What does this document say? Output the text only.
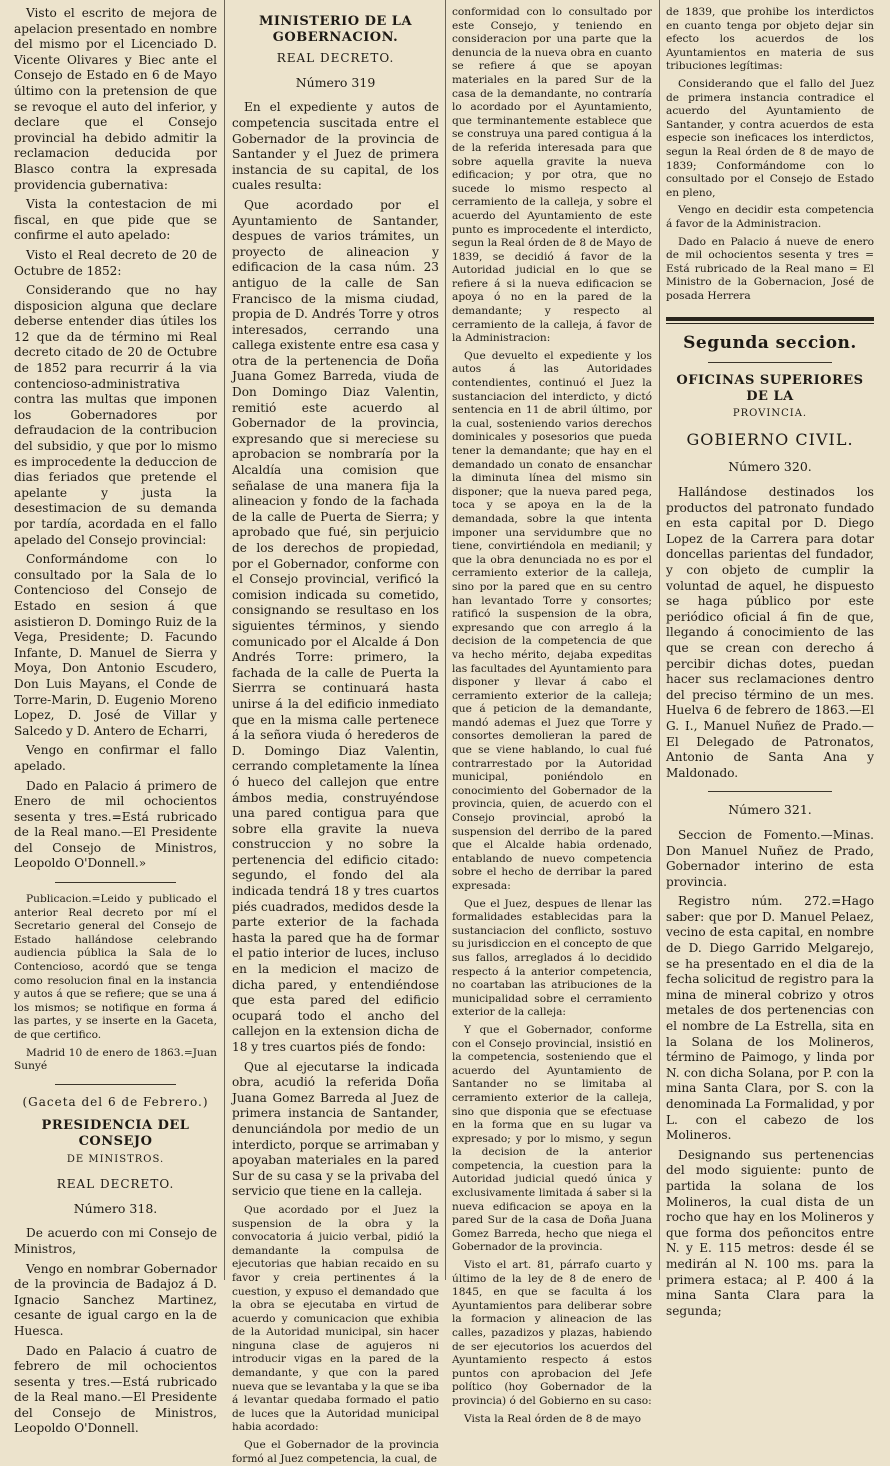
Visto el escrito de mejora de apelacion presentado en nombre del mismo por el Licenciado D. Vicente Olivares y Biec ante el Consejo de Estado en 6 de Mayo último con la pretension de que se revoque el auto del inferior, y declare que el Consejo provincial ha debido admitir la reclamacion deducida por Blasco contra la expresada providencia gubernativa:

Vista la contestacion de mi fiscal, en que pide que se confirme el auto apelado:

Visto el Real decreto de 20 de Octubre de 1852:

Considerando que no hay disposicion alguna que declare deberse entender dias útiles los 12 que da de término mi Real decreto citado de 20 de Octubre de 1852 para recurrir á la via contencioso-administrativa contra las multas que imponen los Gobernadores por defraudacion de la contribucion del subsidio, y que por lo mismo es improcedente la deduccion de dias feriados que pretende el apelante y justa la desestimacion de su demanda por tardía, acordada en el fallo apelado del Consejo provincial:

Conformándome con lo consultado por la Sala de lo Contencioso del Consejo de Estado en sesion á que asistieron D. Domingo Ruiz de la Vega, Presidente; D. Facundo Infante, D. Manuel de Sierra y Moya, Don Antonio Escudero, Don Luis Mayans, el Conde de Torre-Marin, D. Eugenio Moreno Lopez, D. José de Villar y Salcedo y D. Antero de Echarri,

Vengo en confirmar el fallo apelado.

Dado en Palacio á primero de Enero de mil ochocientos sesenta y tres.=Está rubricado de la Real mano.—El Presidente del Consejo de Ministros, Leopoldo O'Donnell.»

Publicacion.=Leido y publicado el anterior Real decreto por mí el Secretario general del Consejo de Estado hallándose celebrando audiencia pública la Sala de lo Contencioso, acordó que se tenga como resolucion final en la instancia y autos á que se refiere; que se una á los mismos; se notifique en forma á las partes, y se inserte en la Gaceta, de que certifico.

Madrid 10 de enero de 1863.=Juan Sunyé

(Gaceta del 6 de Febrero.)

PRESIDENCIA DEL CONSEJO

DE MINISTROS.

REAL DECRETO.

Número 318.

De acuerdo con mi Consejo de Ministros,

Vengo en nombrar Gobernador de la provincia de Badajoz á D. Ignacio Sanchez Martinez, cesante de igual cargo en la de Huesca.

Dado en Palacio á cuatro de febrero de mil ochocientos sesenta y tres.—Está rubricado de la Real mano.—El Presidente del Consejo de Ministros, Leopoldo O'Donnell.

MINISTERIO DE LA GOBERNACION.

REAL DECRETO.

Número 319

En el expediente y autos de competencia suscitada entre el Gobernador de la provincia de Santander y el Juez de primera instancia de su capital, de los cuales resulta:

Que acordado por el Ayuntamiento de Santander, despues de varios trámites, un proyecto de alineacion y edificacion de la casa núm. 23 antiguo de la calle de San Francisco de la misma ciudad, propia de D. Andrés Torre y otros interesados, cerrando una callega existente entre esa casa y otra de la pertenencia de Doña Juana Gomez Barreda, viuda de Don Domingo Diaz Valentin, remitió este acuerdo al Gobernador de la provincia, expresando que si mereciese su aprobacion se nombraría por la Alcaldía una comision que señalase de una manera fija la alineacion y fondo de la fachada de la calle de Puerta de Sierra; y aprobado que fué, sin perjuicio de los derechos de propiedad, por el Gobernador, conforme con el Consejo provincial, verificó la comision indicada su cometido, consignando se resultaso en los siguientes términos, y siendo comunicado por el Alcalde á Don Andrés Torre: primero, la fachada de la calle de Puerta la Sierrra se continuará hasta unirse á la del edificio inmediato que en la misma calle pertenece á la señora viuda ó herederos de D. Domingo Diaz Valentin, cerrando completamente la línea ó hueco del callejon que entre ámbos media, construyéndose una pared contigua para que sobre ella gravite la nueva construccion y no sobre la pertenencia del edificio citado: segundo, el fondo del ala indicada tendrá 18 y tres cuartos piés cuadrados, medidos desde la parte exterior de la fachada hasta la pared que ha de formar el patio interior de luces, incluso en la medicion el macizo de dicha pared, y entendiéndose que esta pared del edificio ocupará todo el ancho del callejon en la extension dicha de 18 y tres cuartos piés de fondo:

Que al ejecutarse la indicada obra, acudió la referida Doña Juana Gomez Barreda al Juez de primera instancia de Santander, denunciándola por medio de un interdicto, porque se arrimaban y apoyaban materiales en la pared Sur de su casa y se la privaba del servicio que tiene en la calleja.

Que acordado por el Juez la suspension de la obra y la convocatoria á juicio verbal, pidió la demandante la compulsa de ejecutorias que habian recaido en su favor y creia pertinentes á la cuestion, y expuso el demandado que la obra se ejecutaba en virtud de acuerdo y comunicacion que exhibia de la Autoridad municipal, sin hacer ninguna clase de agujeros ni introducir vigas en la pared de la demandante, y que con la pared nueva que se levantaba y la que se iba á levantar quedaba formado el patio de luces que la Autoridad municipal habia acordado:

Que el Gobernador de la provincia formó al Juez competencia, la cual, de

conformidad con lo consultado por este Consejo, y teniendo en consideracion por una parte que la denuncia de la nueva obra en cuanto se refiere á que se apoyan materiales en la pared Sur de la casa de la demandante, no contraría lo acordado por el Ayuntamiento, que terminantemente establece que se construya una pared contigua á la de la referida interesada para que sobre aquella gravite la nueva edificacion; y por otra, que no sucede lo mismo respecto al cerramiento de la calleja, y sobre el acuerdo del Ayuntamiento de este punto es improcedente el interdicto, segun la Real órden de 8 de Mayo de 1839, se decidió á favor de la Autoridad judicial en lo que se refiere á si la nueva edificacion se apoya ó no en la pared de la demandante; y respecto al cerramiento de la calleja, á favor de la Administracion:

Que devuelto el expediente y los autos á las Autoridades contendientes, continuó el Juez la sustanciacion del interdicto, y dictó sentencia en 11 de abril último, por la cual, sosteniendo varios derechos dominicales y posesorios que pueda tener la demandante; que hay en el demandado un conato de ensanchar la diminuta línea del mismo sin disponer; que la nueva pared pega, toca y se apoya en la de la demandada, sobre la que intenta imponer una servidumbre que no tiene, convirtiéndola en medianil; y que la obra denunciada no es por el cerramiento exterior de la calleja, sino por la pared que en su centro han levantado Torre y consortes; ratificó la suspension de la obra, expresando que con arreglo á la decision de la competencia de que va hecho mérito, dejaba expeditas las facultades del Ayuntamiento para disponer y llevar á cabo el cerramiento exterior de la calleja; que á peticion de la demandante, mandó ademas el Juez que Torre y consortes demolieran la pared de que se viene hablando, lo cual fué contrarrestado por la Autoridad municipal, poniéndolo en conocimiento del Gobernador de la provincia, quien, de acuerdo con el Consejo provincial, aprobó la suspension del derribo de la pared que el Alcalde habia ordenado, entablando de nuevo competencia sobre el hecho de derribar la pared expresada:

Que el Juez, despues de llenar las formalidades establecidas para la sustanciacion del conflicto, sostuvo su jurisdiccion en el concepto de que sus fallos, arreglados á lo decidido respecto á la anterior competencia, no coartaban las atribuciones de la municipalidad sobre el cerramiento exterior de la calleja:

Y que el Gobernador, conforme con el Consejo provincial, insistió en la competencia, sosteniendo que el acuerdo del Ayuntamiento de Santander no se limitaba al cerramiento exterior de la calleja, sino que disponia que se efectuase en la forma que en su lugar va expresado; y por lo mismo, y segun la decision de la anterior competencia, la cuestion para la Autoridad judicial quedó única y exclusivamente limitada á saber si la nueva edificacion se apoya en la pared Sur de la casa de Doña Juana Gomez Barreda, hecho que niega el Gobernador de la provincia.

Visto el art. 81, párrafo cuarto y último de la ley de 8 de enero de 1845, en que se faculta á los Ayuntamientos para deliberar sobre la formacion y alineacion de las calles, pazadizos y plazas, habiendo de ser ejecutorios los acuerdos del Ayuntamiento respecto á estos puntos con aprobacion del Jefe político (hoy Gobernador de la provincia) ó del Gobierno en su caso:

Vista la Real órden de 8 de mayo

de 1839, que prohibe los interdictos en cuanto tenga por objeto dejar sin efecto los acuerdos de los Ayuntamientos en materia de sus tribuciones legítimas:

Considerando que el fallo del Juez de primera instancia contradice el acuerdo del Ayuntamiento de Santander, y contra acuerdos de esta especie son ineficaces los interdictos, segun la Real órden de 8 de mayo de 1839; Conformándome con lo consultado por el Consejo de Estado en pleno,

Vengo en decidir esta competencia á favor de la Administracion.

Dado en Palacio á nueve de enero de mil ochocientos sesenta y tres = Está rubricado de la Real mano = El Ministro de la Gobernacion, José de posada Herrera

Segunda seccion.

OFICINAS SUPERIORES DE LA

PROVINCIA.

GOBIERNO CIVIL.

Número 320.

Hallándose destinados los productos del patronato fundado en esta capital por D. Diego Lopez de la Carrera para dotar doncellas parientas del fundador, y con objeto de cumplir la voluntad de aquel, he dispuesto se haga público por este periódico oficial á fin de que, llegando á conocimiento de las que se crean con derecho á percibir dichas dotes, puedan hacer sus reclamaciones dentro del preciso término de un mes. Huelva 6 de febrero de 1863.—El G. I., Manuel Nuñez de Prado.—El Delegado de Patronatos, Antonio de Santa Ana y Maldonado.

Número 321.

Seccion de Fomento.—Minas. Don Manuel Nuñez de Prado, Gobernador interino de esta provincia.

Registro núm. 272.=Hago saber: que por D. Manuel Pelaez, vecino de esta capital, en nombre de D. Diego Garrido Melgarejo, se ha presentado en el dia de la fecha solicitud de registro para la mina de mineral cobrizo y otros metales de dos pertenencias con el nombre de La Estrella, sita en la Solana de los Molineros, término de Paimogo, y linda por N. con dicha Solana, por P. con la mina Santa Clara, por S. con la denominada La Formalidad, y por L. con el cabezo de los Molineros.

Designando sus pertenencias del modo siguiente: punto de partida la solana de los Molineros, la cual dista de un rocho que hay en los Molineros y que forma dos peñoncitos entre N. y E. 115 metros: desde él se medirán al N. 100 ms. para la primera estaca; al P. 400 á la mina Santa Clara para la segunda;
